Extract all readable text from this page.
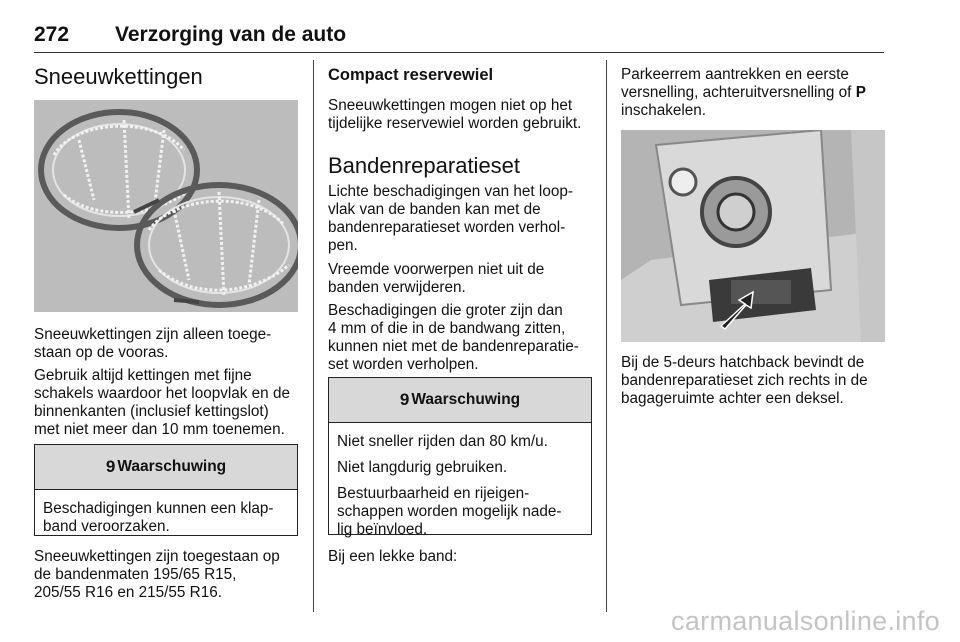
272 Verzorging van de auto
Sneeuwkettingen

Sneeuwkettingen zijn alleen toege-
staan op de vooras.

Gebruik altijd kettingen met fijne
schakels waardoor het loopvlak en de
binnenkanten (inclusief kettingslot)
met niet meer dan 10 mm toenemen.

9 Waarschuwing

Beschadigingen kunnen een klap-
band veroorzaken.

Sneeuwkettingen zijn toegestaan op
de bandenmaten 195/65 R15,
205/55 R16 en 215/55 R16.

Compact reservewiel

Sneeuwkettingen mogen niet op het
tijdelijke reservewiel worden gebruikt.

Bandenreparatieset

Lichte beschadigingen van het loop-
vlak van de banden kan met de
bandenreparatieset worden verhol-
pen.

Vreemde voorwerpen niet uit de
banden verwijderen.

Beschadigingen die groter zijn dan
4 mm of die in de bandwang zitten,
kunnen niet met de bandenreparatie-
set worden verholpen.

9 Waarschuwing

Niet sneller rijden dan 80 km/u.

Niet langdurig gebruiken.

Bestuurbaarheid en rijeigen-
schappen worden mogelijk nade-
lig beïnvloed.

Bij een lekke band:

Parkeerrem aantrekken en eerste
versnelling, achteruitversnelling of P
inschakelen.

Bij de 5-deurs hatchback bevindt de
bandenreparatieset zich rechts in de
bagageruimte achter een deksel.

carmanualsonline.info
